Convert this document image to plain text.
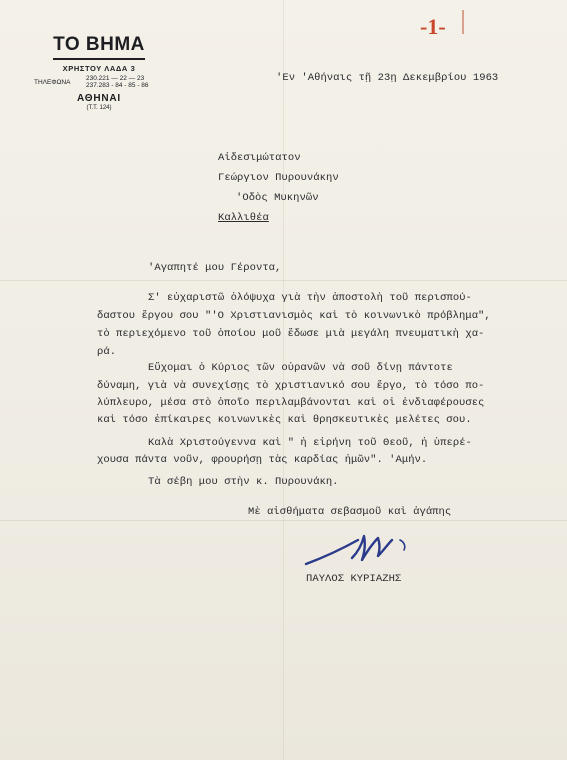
ΤΟ ΒΗΜΑ
ΧΡΗΣΤΟΥ ΛΑΔΑ 3
ΤΗΛΕΦΩΝΑ
230.221 — 22 — 23
237.283 - 84 - 85 - 86
ΑΘΗΝΑΙ
(Τ.Τ. 124)
-1-
'Εν 'Αθήναις τῇ 23ῃ Δεκεμβρίου 1963
Αἰδεσιμώτατον
Γεώργιον Πυρουνάκην
'Οδὸς Μυκηνῶν
Καλλιθέα
'Αγαπητέ μου Γέροντα,
Σ' εὐχαριστῶ ὁλόψυχα γιὰ τὴν ἀποστολὴ τοῦ περισπού-
δαστου ἔργου σου "'Ο Χριστιανισμὸς καὶ τὸ κοινωνικὸ πρόβλημα",
τὸ περιεχόμενο τοῦ ὁποίου μοῦ ἔδωσε μιὰ μεγάλη πνευματικὴ χα-
ρά.
Εὔχομαι ὁ Κύριος τῶν οὐρανῶν νὰ σοῦ δίνῃ πάντοτε
δύναμη, γιὰ νὰ συνεχίσῃς τὸ χριστιανικό σου ἔργο, τὸ τόσο πο-
λύπλευρο, μέσα στὸ ὁποῖο περιλαμβάνονται καὶ οἱ ἐνδιαφέρουσες
καὶ τόσο ἐπίκαιρες κοινωνικὲς καὶ θρησκευτικὲς μελέτες σου.
Καλὰ Χριστούγεννα καὶ " ἡ εἰρήνη τοῦ Θεοῦ, ἡ ὑπερέ-
χουσα πάντα νοῦν, φρουρήσῃ τὰς καρδίας ἡμῶν". 'Αμήν.
Τὰ σέβη μου στὴν κ. Πυρουνάκη.
Μὲ αἰσθήματα σεβασμοῦ καὶ ἀγάπης
ΠΑΥΛΟΣ ΚΥΡΙΑΖΗΣ
